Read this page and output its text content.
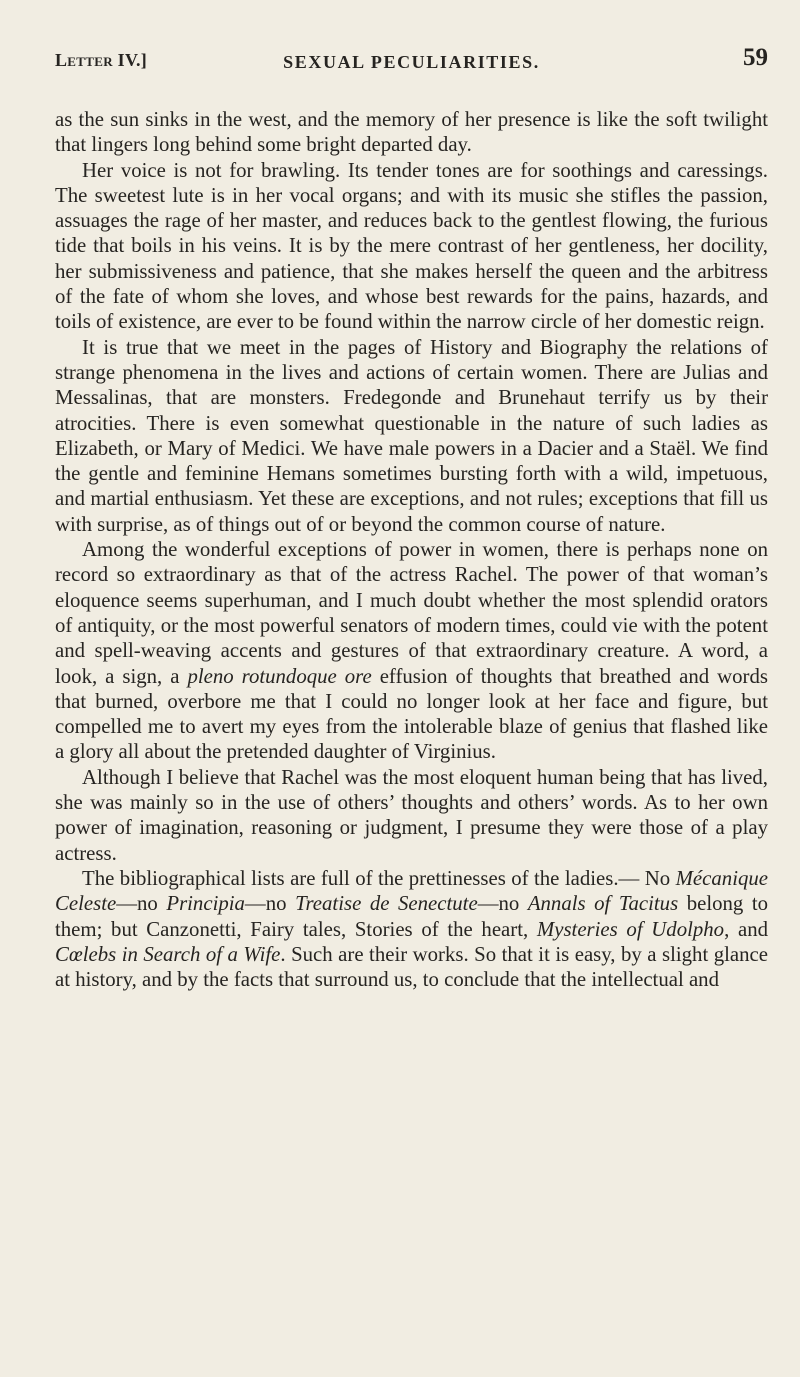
Letter IV.]	SEXUAL PECULIARITIES.	59

as the sun sinks in the west, and the memory of her presence is like the soft twilight that lingers long behind some bright departed day.

Her voice is not for brawling. Its tender tones are for soothings and caressings. The sweetest lute is in her vocal organs; and with its music she stifles the passion, assuages the rage of her master, and reduces back to the gentlest flowing, the furious tide that boils in his veins. It is by the mere contrast of her gentleness, her docility, her submissiveness and patience, that she makes herself the queen and the arbitress of the fate of whom she loves, and whose best rewards for the pains, hazards, and toils of existence, are ever to be found within the narrow circle of her domestic reign.

It is true that we meet in the pages of History and Biography the relations of strange phenomena in the lives and actions of certain women. There are Julias and Messalinas, that are monsters. Fredegonde and Brunehaut terrify us by their atrocities. There is even somewhat questionable in the nature of such ladies as Elizabeth, or Mary of Medici. We have male powers in a Dacier and a Staël. We find the gentle and feminine Hemans sometimes bursting forth with a wild, impetuous, and martial enthusiasm. Yet these are exceptions, and not rules; exceptions that fill us with surprise, as of things out of or beyond the common course of nature.

Among the wonderful exceptions of power in women, there is perhaps none on record so extraordinary as that of the actress Rachel. The power of that woman’s eloquence seems superhuman, and I much doubt whether the most splendid orators of antiquity, or the most powerful senators of modern times, could vie with the potent and spell-weaving accents and gestures of that extraordinary creature. A word, a look, a sign, a pleno rotundoque ore effusion of thoughts that breathed and words that burned, overbore me that I could no longer look at her face and figure, but compelled me to avert my eyes from the intolerable blaze of genius that flashed like a glory all about the pretended daughter of Virginius.

Although I believe that Rachel was the most eloquent human being that has lived, she was mainly so in the use of others’ thoughts and others’ words. As to her own power of imagination, reasoning or judgment, I presume they were those of a play actress.

The bibliographical lists are full of the prettinesses of the ladies.— No Mécanique Celeste—no Principia—no Treatise de Senectute—no Annals of Tacitus belong to them; but Canzonetti, Fairy tales, Stories of the heart, Mysteries of Udolpho, and Cœlebs in Search of a Wife. Such are their works. So that it is easy, by a slight glance at history, and by the facts that surround us, to conclude that the intellectual and
